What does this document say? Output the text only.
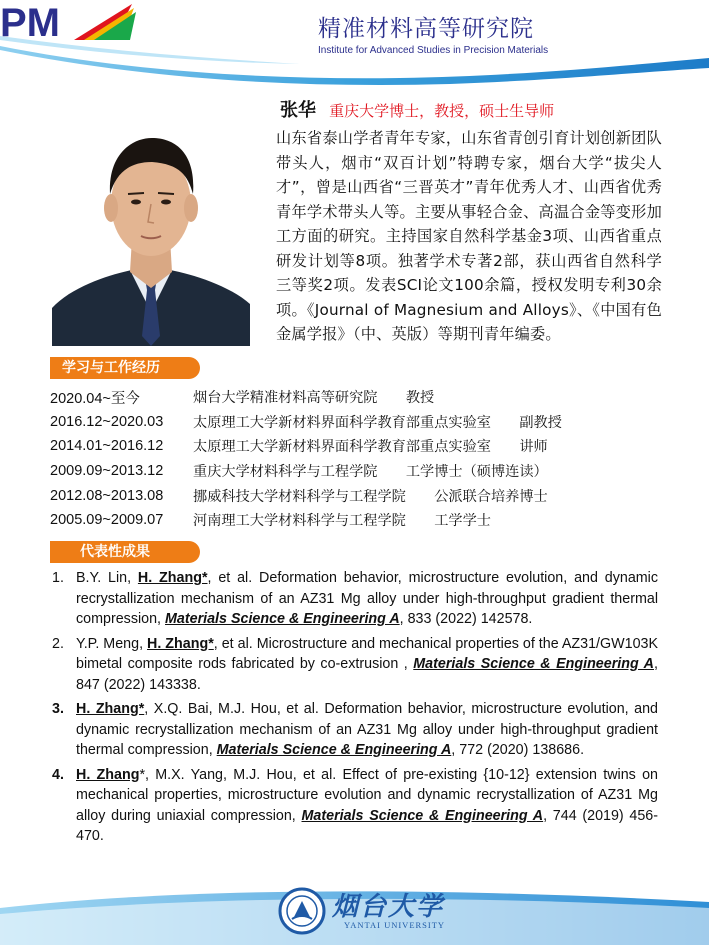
PM	精准材料高等研究院
Institute for Advanced Studies in Precision Materials
张华 重庆大学博士，教授，硕士生导师
山东省泰山学者青年专家，山东省青创引育计划创新团队带头人，烟市“双百计划”特聘专家，烟台大学“拔尖人才”，曾是山西省“三晋英才”青年优秀人才、山西省优秀青年学术带头人等。主要从事轻合金、高温合金等变形加工方面的研究。主持国家自然科学基金3项、山西省重点研发计划等8项。独著学术专著2部，获山西省自然科学三等奖2项。发表SCI论文100余篇，授权发明专利30余项。《Journal of Magnesium and Alloys》、《中国有色金属学报》（中、英版）等期刊青年编委。
学习与工作经历
2020.04~至今	烟台大学精准材料高等研究院　　教授
2016.12~2020.03	太原理工大学新材料界面科学教育部重点实验室　　副教授
2014.01~2016.12	太原理工大学新材料界面科学教育部重点实验室　　讲师
2009.09~2013.12	重庆大学材料科学与工程学院　　工学博士（硕博连读）
2012.08~2013.08	挪威科技大学材料科学与工程学院　　公派联合培养博士
2005.09~2009.07	河南理工大学材料科学与工程学院　　工学学士
代表性成果
1. B.Y. Lin, H. Zhang*, et al. Deformation behavior, microstructure evolution, and dynamic recrystallization mechanism of an AZ31 Mg alloy under high-throughput gradient thermal compression, Materials Science & Engineering A, 833 (2022) 142578.
2. Y.P. Meng, H. Zhang*, et al. Microstructure and mechanical properties of the AZ31/GW103K bimetal composite rods fabricated by co-extrusion , Materials Science & Engineering A, 847 (2022) 143338.
3. H. Zhang*, X.Q. Bai, M.J. Hou, et al. Deformation behavior, microstructure evolution, and dynamic recrystallization mechanism of an AZ31 Mg alloy under high-throughput gradient thermal compression, Materials Science & Engineering A, 772 (2020) 138686.
4. H. Zhang*, M.X. Yang, M.J. Hou, et al. Effect of pre-existing {10-12} extension twins on mechanical properties, microstructure evolution and dynamic recrystallization of AZ31 Mg alloy during uniaxial compression, Materials Science & Engineering A, 744 (2019) 456-470.
烟台大学
YANTAI UNIVERSITY
